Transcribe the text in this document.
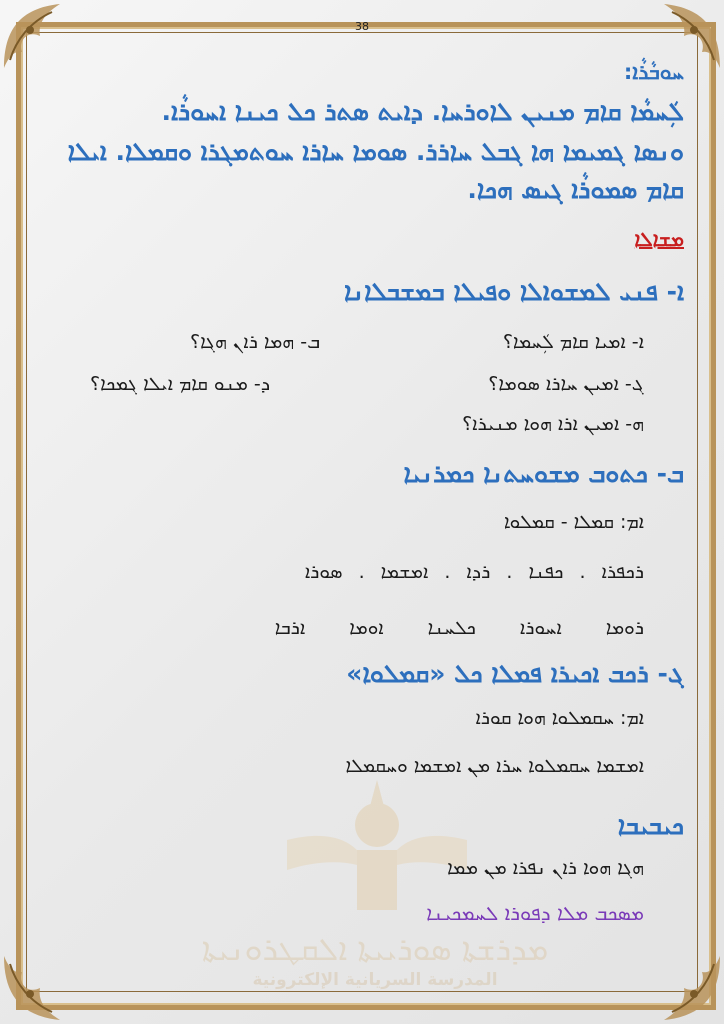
38
ܡܕܪܫܬܐ ܣܘܪܝܝܬܐ ܐܠܩܛܪܘܢܝܬܐ
المدرسة السريانية الإلكترونية
ܚܘܒܵܪܵܐ:
ܠܲܚܡܵܐ ܩܐܡ ܡܢܝܢ ܠܐܘܪܚܐ. ܕܐܝܬ ܣܬܪ ܟܠ ܟܝܢܐ ܐܚܘܪܵܐ.
ܘܢܣܐ ܓܡܝܡܐ ܗܐ ܓܒܠ ܚܐܪܪ. ܣܘܡܐ ܚܐܪܐ ܚܘܬܡܓܪܐ ܘܩܡܠܐ. ܐܝܠܐ
ܩܐܡ ܣܡܘܪܵܐ ܓܝܣ ܗܟܐ.
ܡܫܐܠܐ
ܐ- ܦܢܝ ܠܡܫܘܐܠܐ ܘܦܝܠܐ ܒܡܫܒܠܐܢܐ
ܐ- ܐܡܝܐ ܩܐܡ ܠܲܚܡܐ؟
ܒ- ܗܡܐ ܪܐܢ ܗܓܐ؟
ܓ- ܐܡܝܢ ܚܐܪܐ ܣܘܡܐ؟
ܕ- ܡܢܘ ܩܐܡ ܐܝܠܐ ܓܡܟܐ؟
ܗ- ܐܡܝܢ ܐܪܐ ܗܘܐ ܡܢܝܪܐ؟
ܒ- ܟܬܘܒ ܡܫܘܚܬܢܐ ܟܡܪܢܝܐ
ܐܡ: ܩܡܠܐ - ܩܡܠܘܐ
ܪܟܦܪܐ . ܟܦܢܐ . ܪܕܐ . ܐܡܫܡܐ . ܣܘܪܐ
ܪܘܡܐ ܐܚܘܪܐ ܟܠܚܢܐ ܐܘܡܐ ܐܪܒܐ
ܓ- ܪܟܒ ܐܟܝܪܐ ܦܡܠܐ ܟܠ «ܩܡܠܘܐ»
ܐܡ: ܚܩܡܠܘܐ ܗܘܐ ܩܘܪܐ
ܐܡܫܡܐ ܚܩܡܠܘܐ ܚܪܐ ܡܢ ܐܡܫܡܐ ܘܚܩܡܠܐ
ܟܝܒܝܒܐ
ܗܓܐ ܗܘܐ ܪܐܢ ܢܦܪܐ ܡܢ ܡܡܐ
ܡܣܟܒ ܡܠܐ ܕܦܘܪܐ ܠܚܡܟܝܢܐ
